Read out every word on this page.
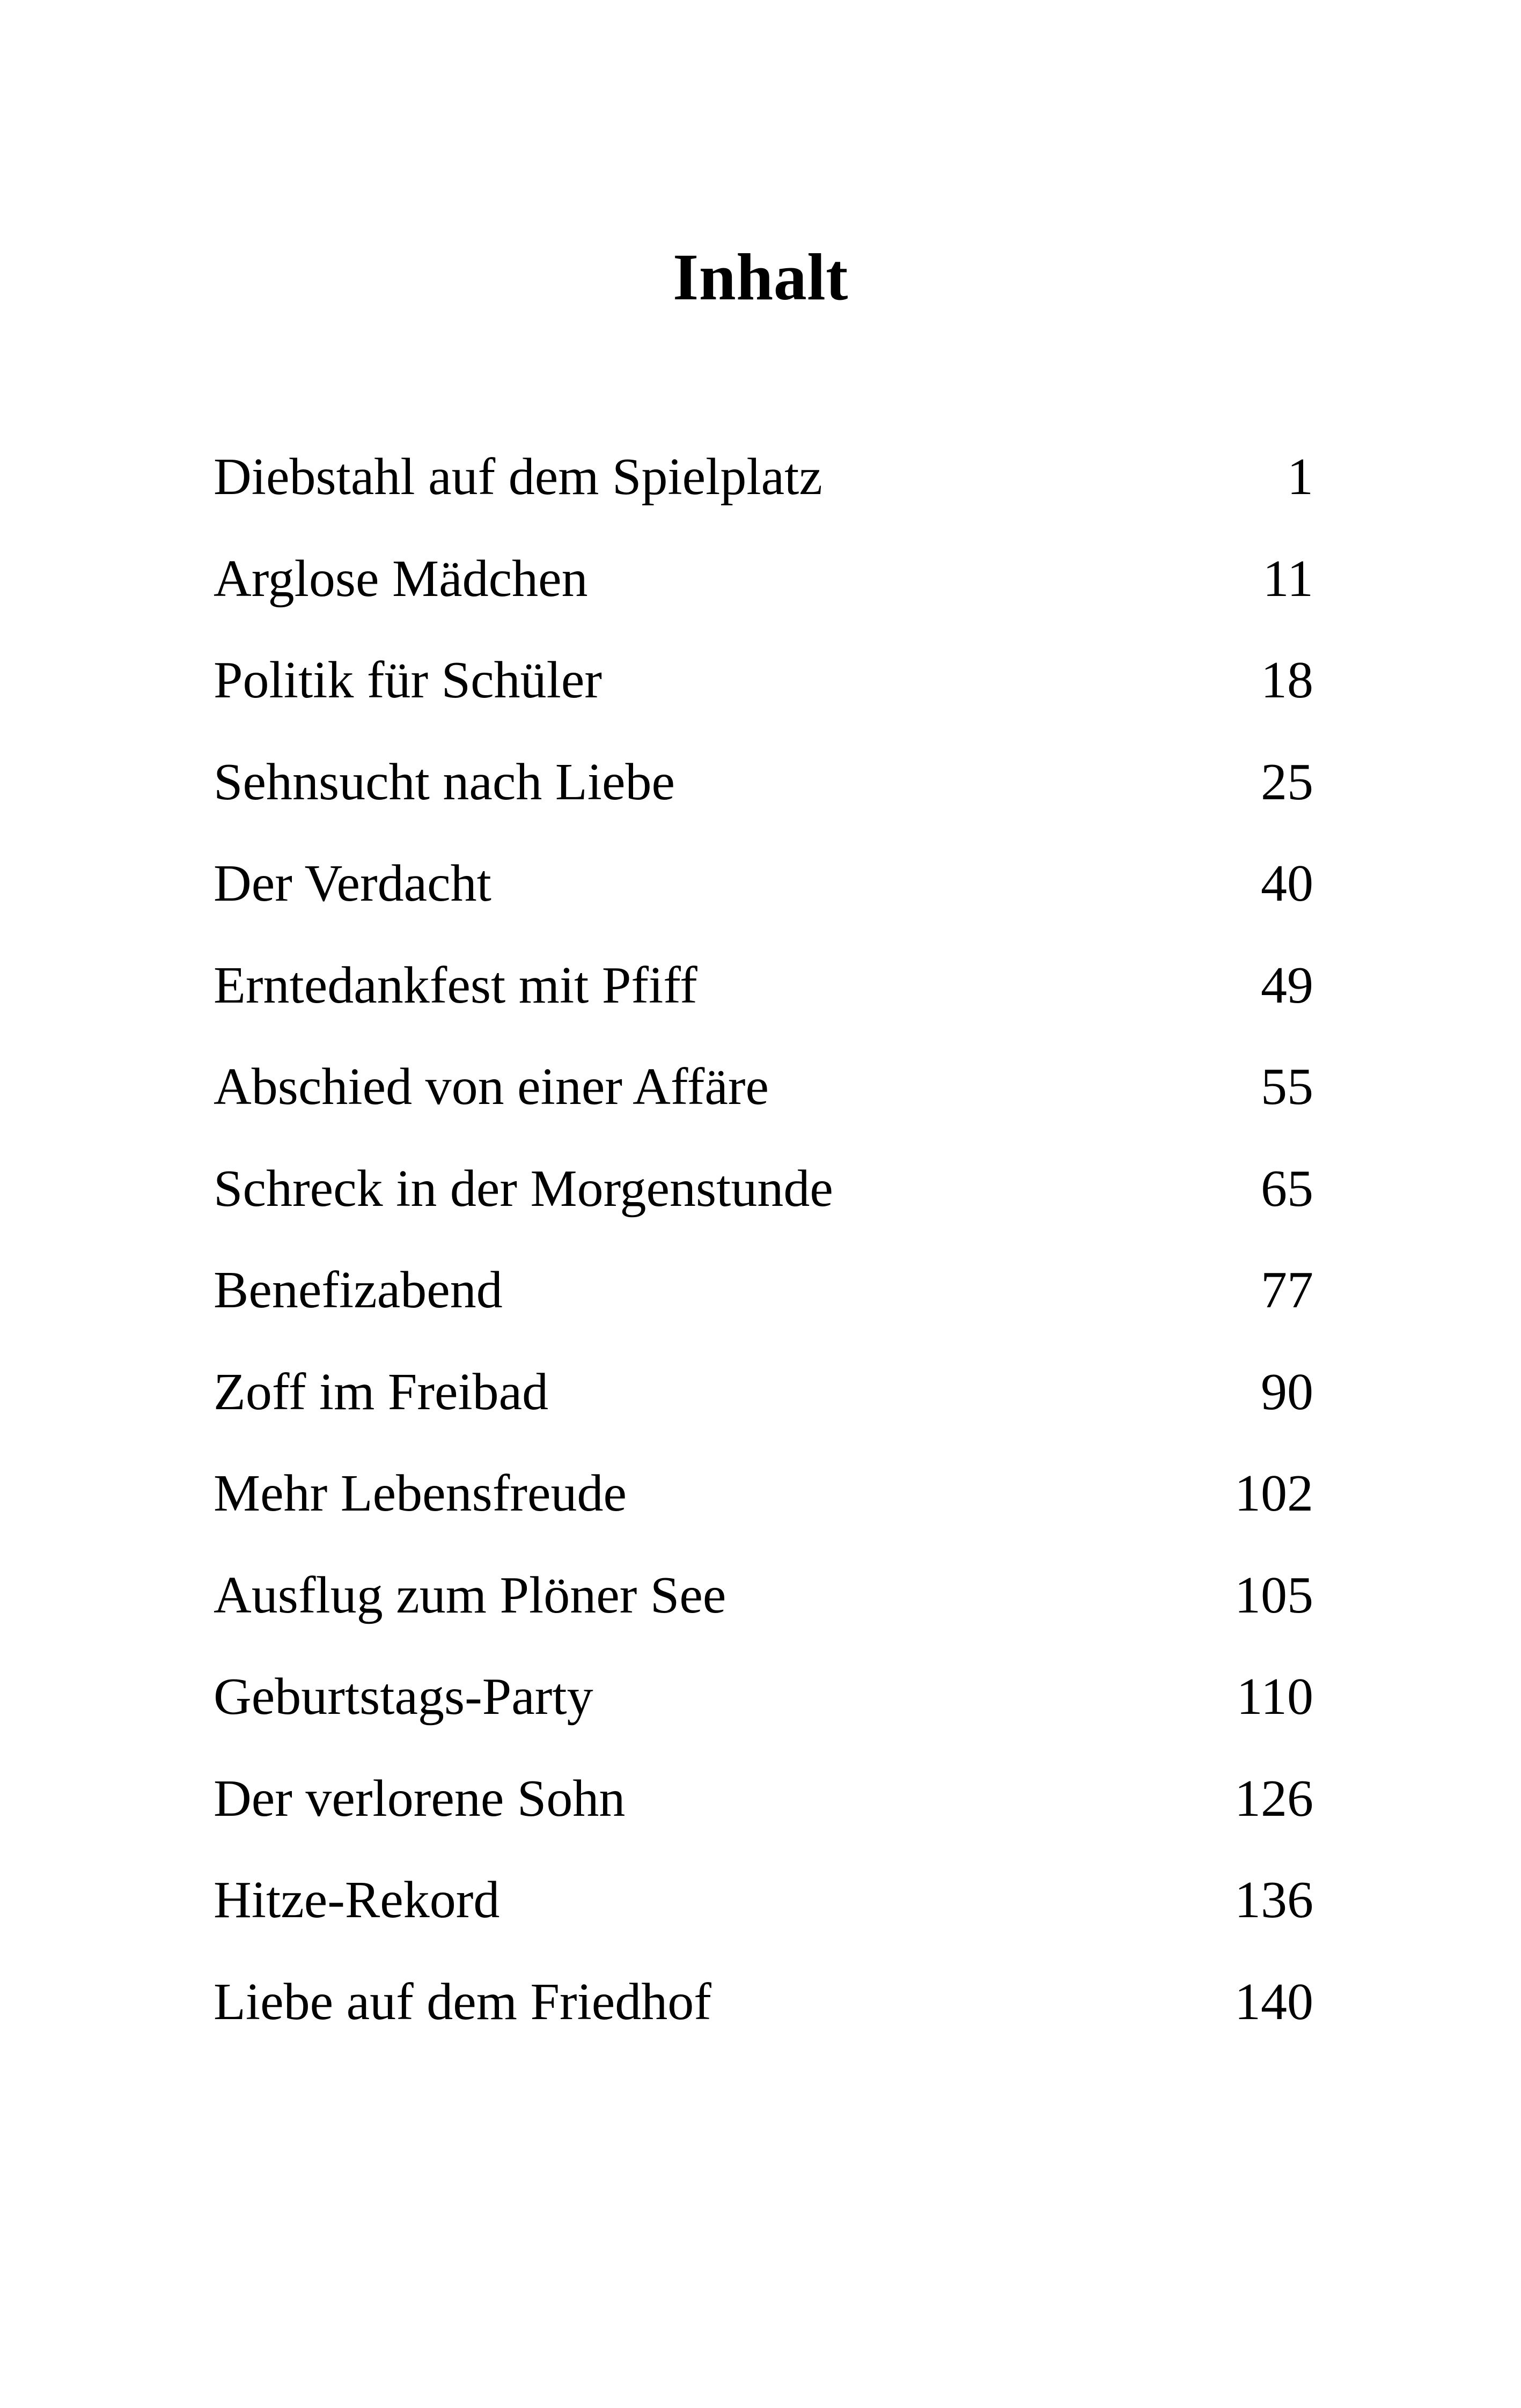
Inhalt
Diebstahl auf dem Spielplatz	1
Arglose Mädchen	11
Politik für Schüler	18
Sehnsucht nach Liebe	25
Der Verdacht	40
Erntedankfest mit Pfiff	49
Abschied von einer Affäre	55
Schreck in der Morgenstunde	65
Benefizabend	77
Zoff im Freibad	90
Mehr Lebensfreude	102
Ausflug zum Plöner See	105
Geburtstags-Party	110
Der verlorene Sohn	126
Hitze-Rekord	136
Liebe auf dem Friedhof	140
